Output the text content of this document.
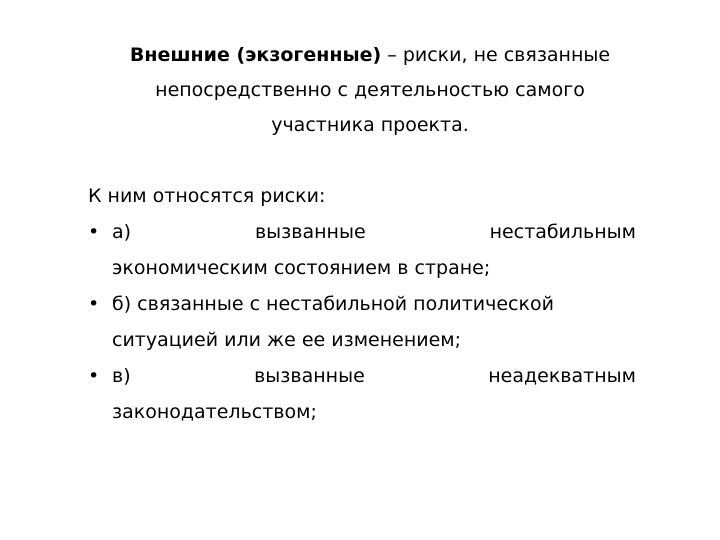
Внешние (экзогенные) – риски, не связанные
непосредственно с деятельностью самого
участника проекта.

К ним относятся риски:

• а)	вызванные	нестабильным
экономическим состоянием в стране;
• б) связанные с нестабильной политической
ситуацией или же ее изменением;
• в)	вызванные	неадекватным
законодательством;
